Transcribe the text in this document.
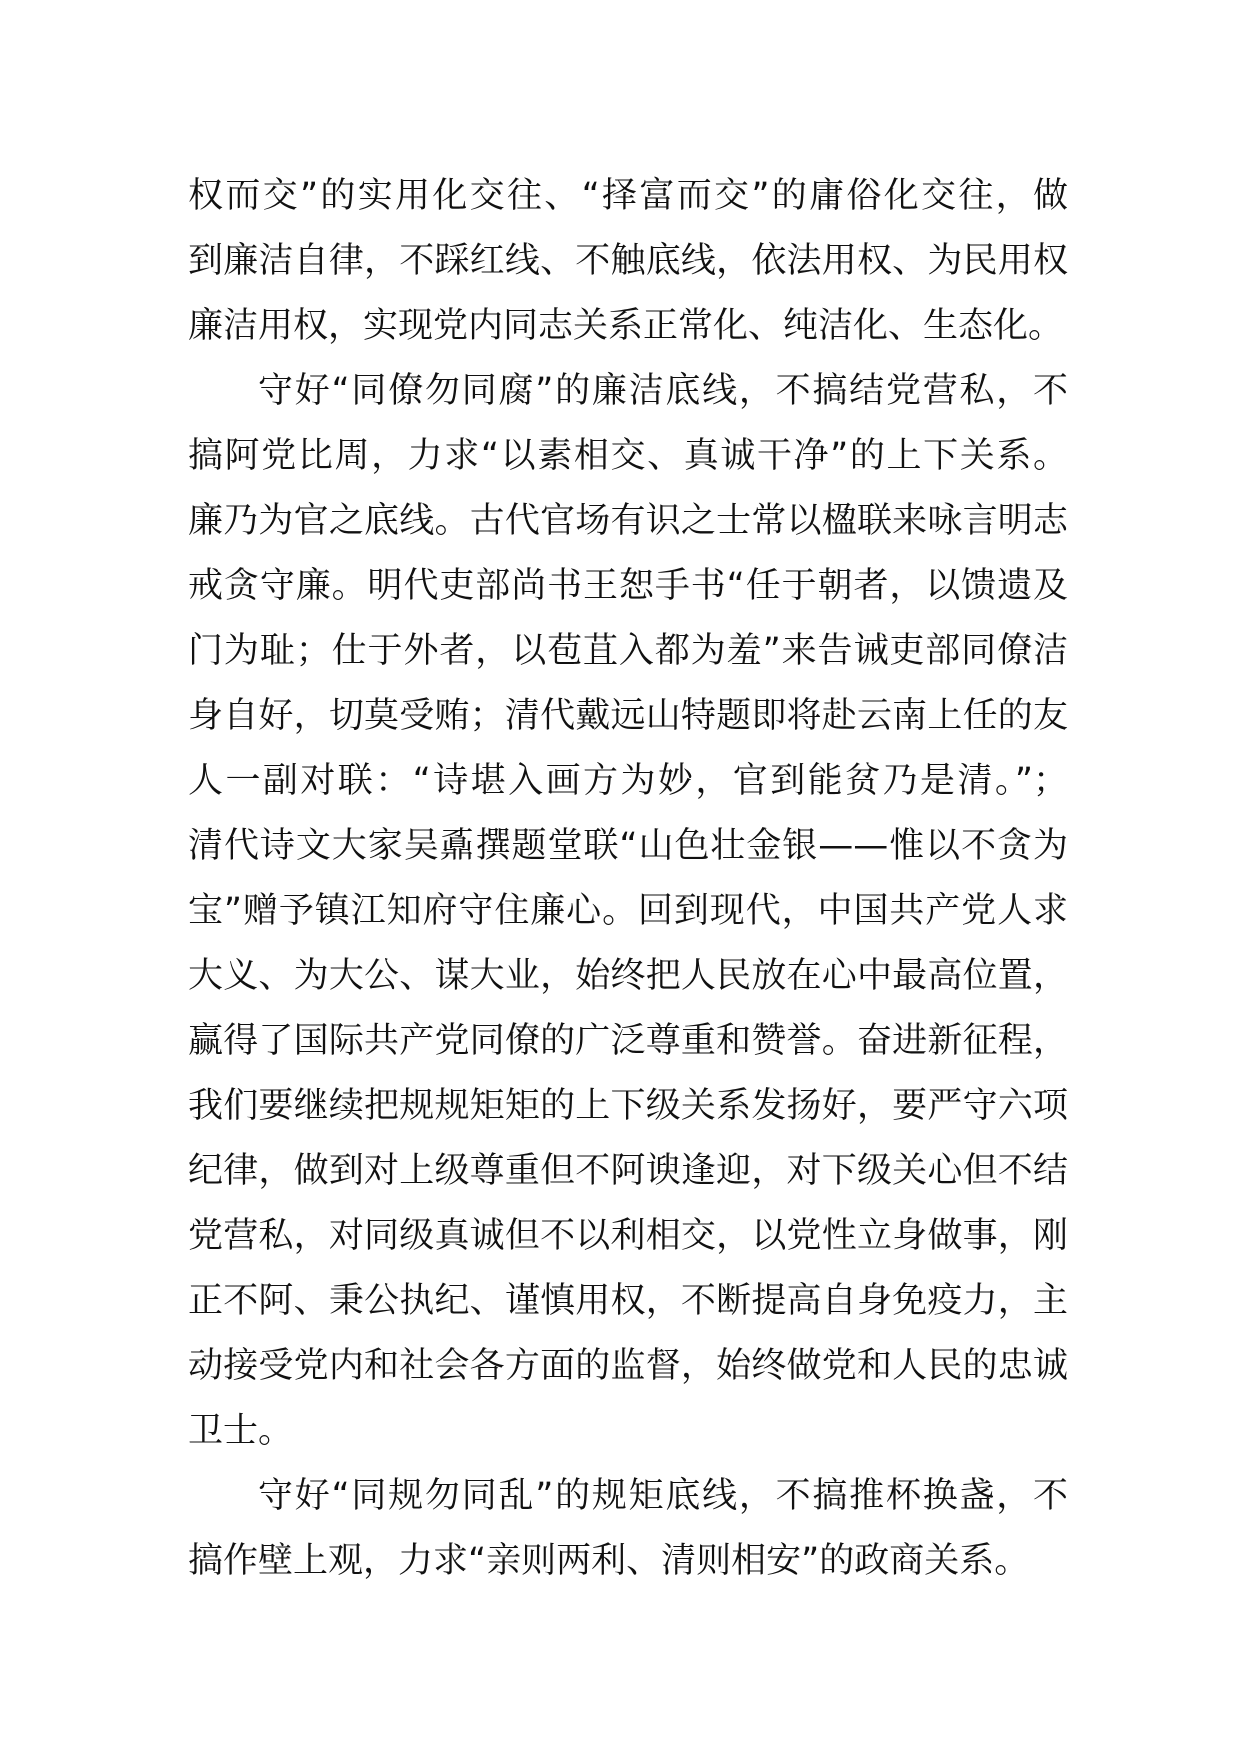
权而交”的实用化交往、“择富而交”的庸俗化交往，做
到廉洁自律，不踩红线、不触底线，依法用权、为民用权
廉洁用权，实现党内同志关系正常化、纯洁化、生态化。
守好“同僚勿同腐”的廉洁底线，不搞结党营私，不
搞阿党比周，力求“以素相交、真诚干净”的上下关系。
廉乃为官之底线。古代官场有识之士常以楹联来咏言明志
戒贪守廉。明代吏部尚书王恕手书“任于朝者，以馈遗及
门为耻；仕于外者，以苞苴入都为羞”来告诫吏部同僚洁
身自好，切莫受贿；清代戴远山特题即将赴云南上任的友
人一副对联：“诗堪入画方为妙，官到能贫乃是清。”；
清代诗文大家吴鼒撰题堂联“山色壮金银——惟以不贪为
宝”赠予镇江知府守住廉心。回到现代，中国共产党人求
大义、为大公、谋大业，始终把人民放在心中最高位置，
赢得了国际共产党同僚的广泛尊重和赞誉。奋进新征程，
我们要继续把规规矩矩的上下级关系发扬好，要严守六项
纪律，做到对上级尊重但不阿谀逢迎，对下级关心但不结
党营私，对同级真诚但不以利相交，以党性立身做事，刚
正不阿、秉公执纪、谨慎用权，不断提高自身免疫力，主
动接受党内和社会各方面的监督，始终做党和人民的忠诚
卫士。
守好“同规勿同乱”的规矩底线，不搞推杯换盏，不
搞作壁上观，力求“亲则两利、清则相安”的政商关系。
